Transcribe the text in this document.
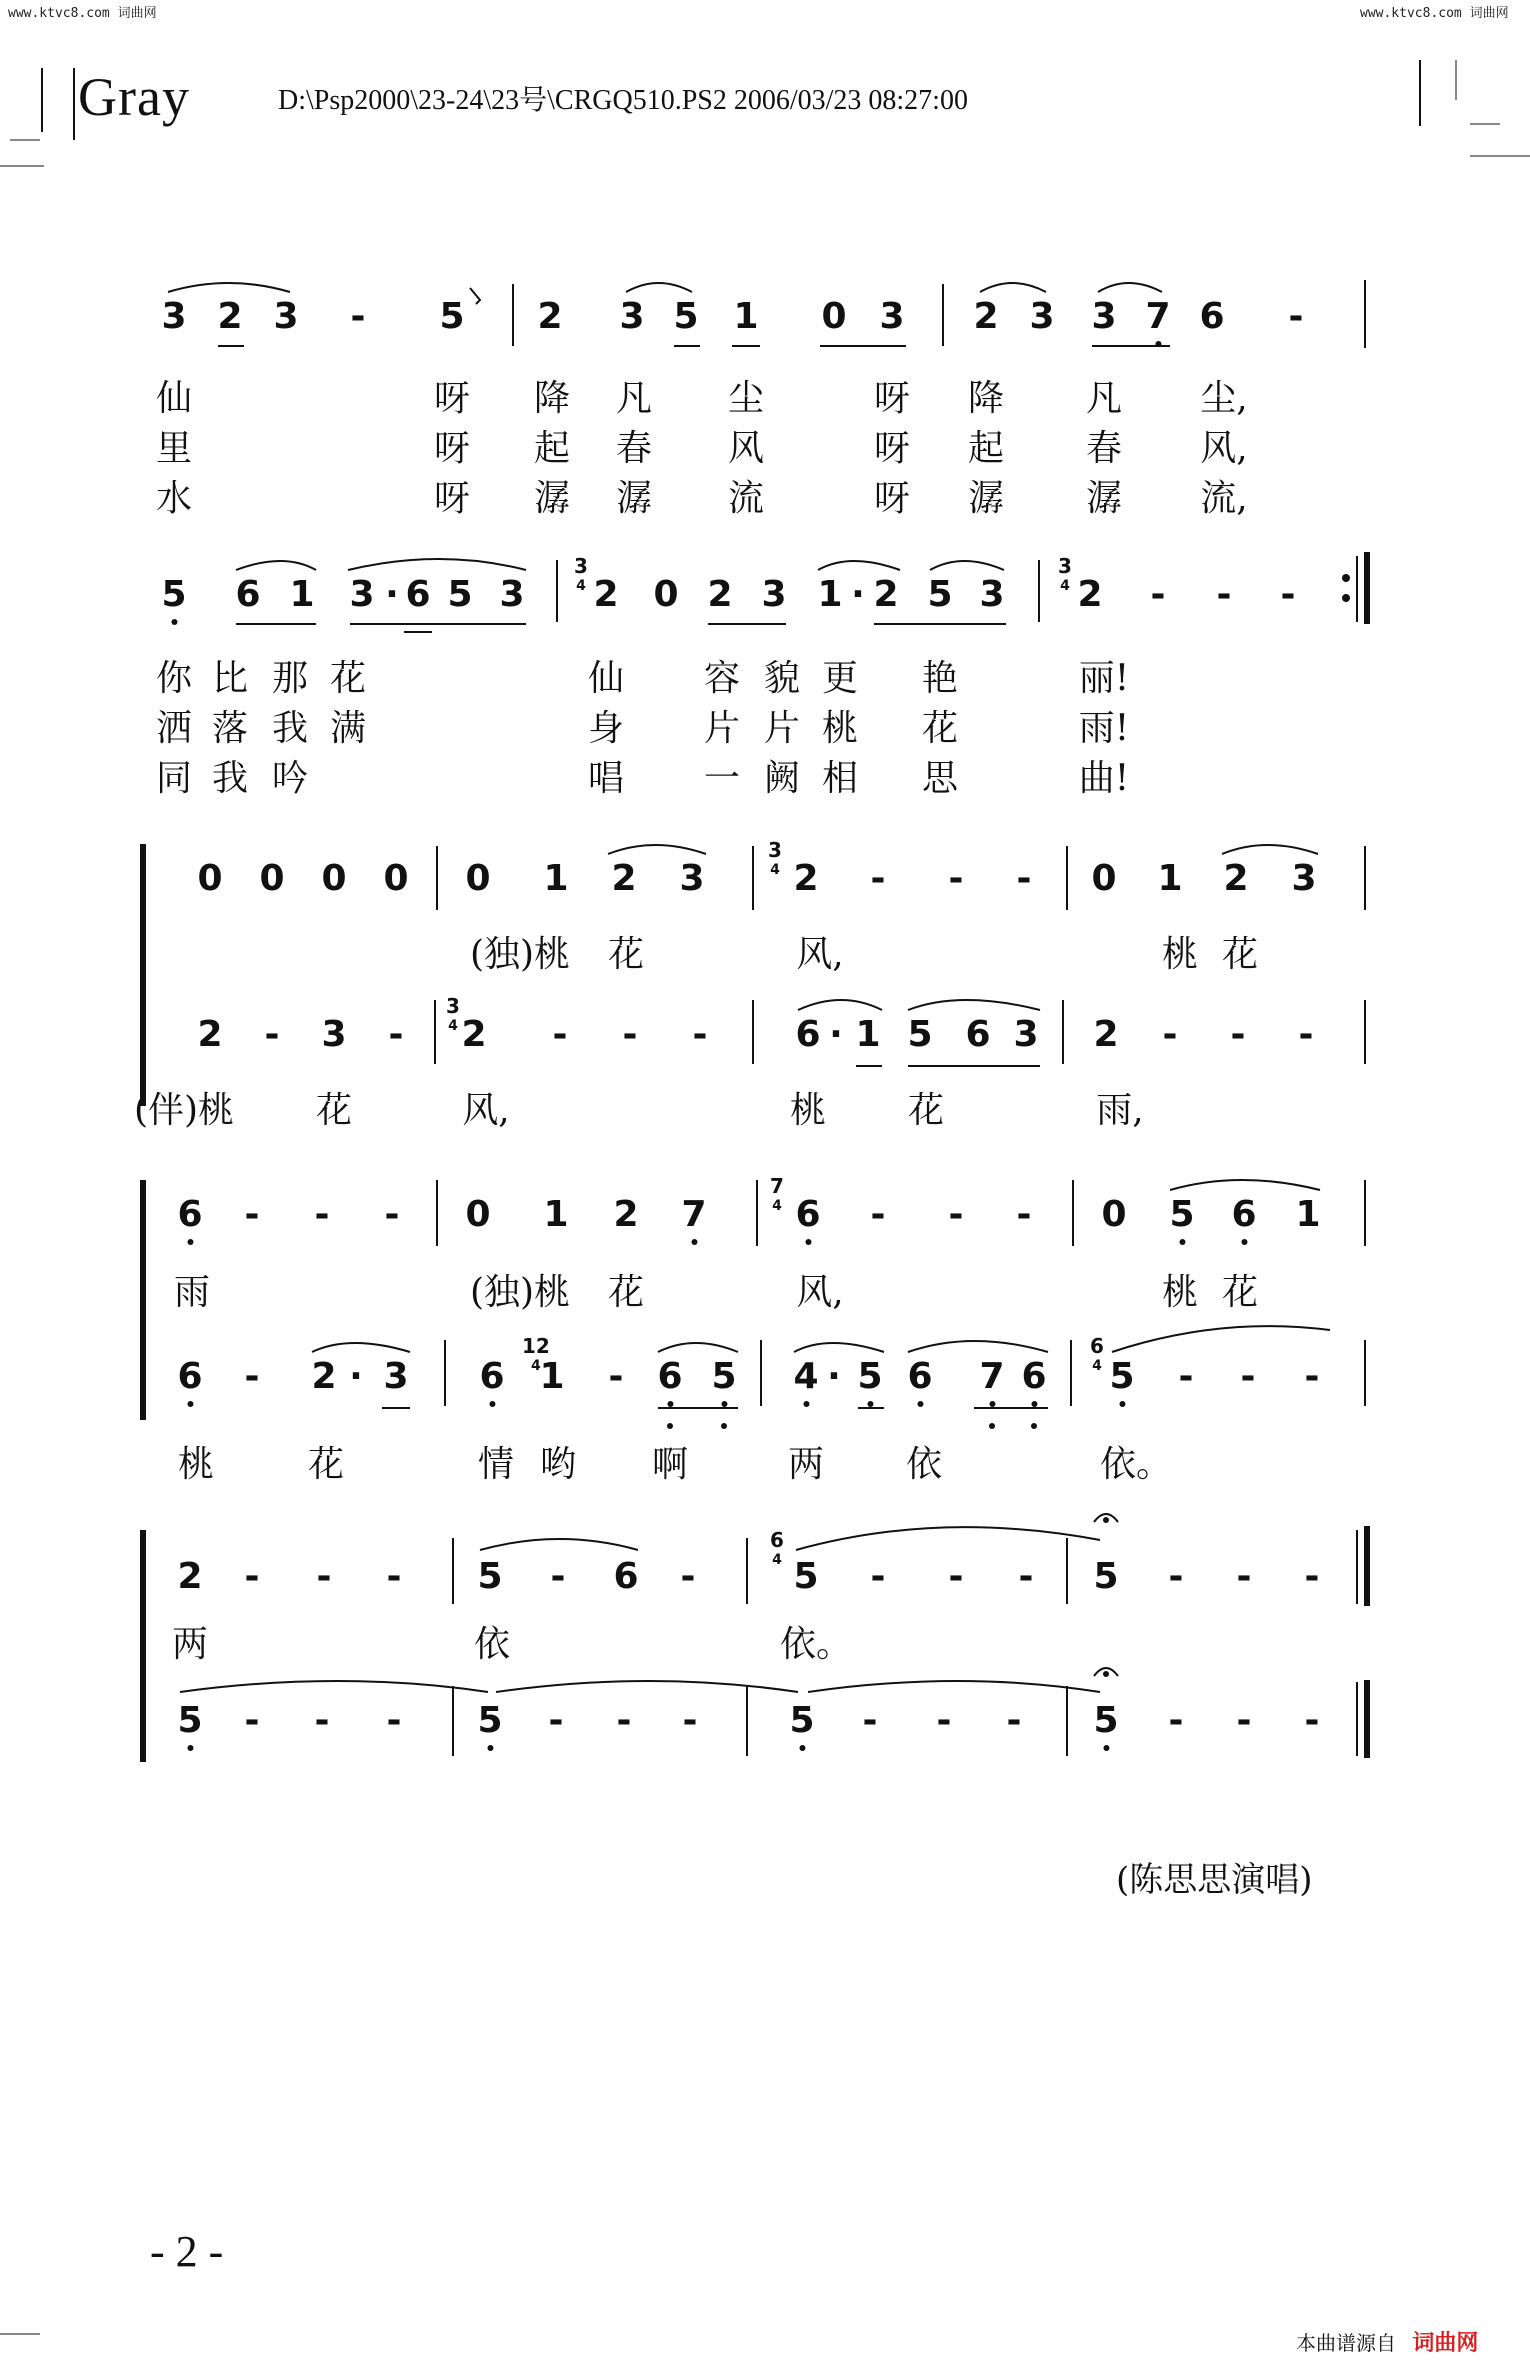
www.ktvc8.com 词曲网	www.ktvc8.com 词曲网
Gray	D:\Psp2000\23-24\23号\CRGQ510.PS2 2006/03/23 08:27:00
3 2 3 - 5 2 3 5 1 0 3 2 3 3 7 6 -
仙	呀 降 凡 尘	呀 降 凡 尘,
里	呀 起 春 风	呀 起 春 风,
水	呀 潺 潺 流	呀 潺 潺 流,
5 6 1 3 · 6 5 3 2 0 2 3 1 · 2 5 3 2 - - -
3
4
3
4
你 比 那 花	仙 容 貌 更 艳	丽!
洒 落 我 满	身 片 片 桃 花	雨!
同 我 吟	唱 一 阙 相 思	曲!
0 0 0 0 0 1 2 3 2 - - - 0 1 2 3
3
4
(独)桃 花	风,	桃 花
2 - 3 - 2 - - - 6 · 1 5 6 3 2 - - -
3
4
(伴)桃 花	风,	桃 花	雨,
6 - - - 0 1 2 7 6 - - - 0 5 6 1
7
4
雨	(独)桃 花	风,	桃 花
6 - 2 · 3 6 1 - 6 5 4 · 5 6 7 6 5 - - -
12
4
6
4
桃	花	情 哟 啊	两 依	依。
2 - - - 5 - 6 -	5 - - - 5 - - -
6
4
两	依	依。
5 - - - 5 - - -	5 - - - 5 - - -
(陈思思演唱)
- 2 -
本曲谱源自 词曲网
